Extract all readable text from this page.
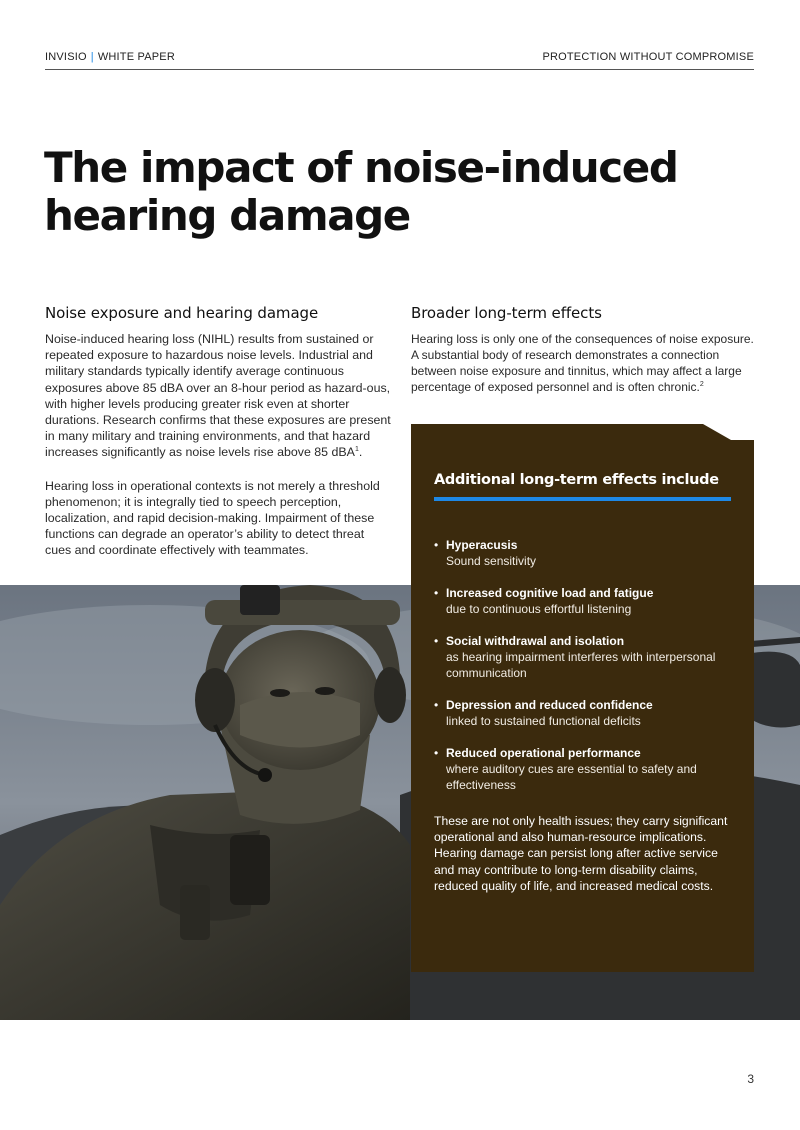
INVISIO | WHITE PAPER	PROTECTION WITHOUT COMPROMISE
The impact of noise-induced
hearing damage
Noise exposure and hearing damage

Noise-induced hearing loss (NIHL) results from sustained or repeated exposure to hazardous noise levels. Industrial and military standards typically identify average continuous exposures above 85 dBA over an 8-hour period as hazard-ous, with higher levels producing greater risk even at shorter durations. Research confirms that these exposures are present in many military and training environments, and that hazard increases significantly as noise levels rise above 85 dBA$^1$.

Hearing loss in operational contexts is not merely a threshold phenomenon; it is integrally tied to speech perception, localization, and rapid decision-making. Impairment of these functions can degrade an operator’s ability to detect threat cues and coordinate effectively with teammates.

Broader long-term effects

Hearing loss is only one of the consequences of noise exposure. A substantial body of research demonstrates a connection between noise exposure and tinnitus, which may affect a large percentage of exposed personnel and is often chronic.$^2$

Additional long-term effects include
• Hyperacusis
Sound sensitivity
• Increased cognitive load and fatigue
due to continuous effortful listening
• Social withdrawal and isolation
as hearing impairment interferes with interpersonal communication
• Depression and reduced confidence
linked to sustained functional deficits
• Reduced operational performance
where auditory cues are essential to safety and effectiveness

These are not only health issues; they carry significant operational and also human-resource implications. Hearing damage can persist long after active service and may contribute to long-term disability claims, reduced quality of life, and increased medical costs.

3
